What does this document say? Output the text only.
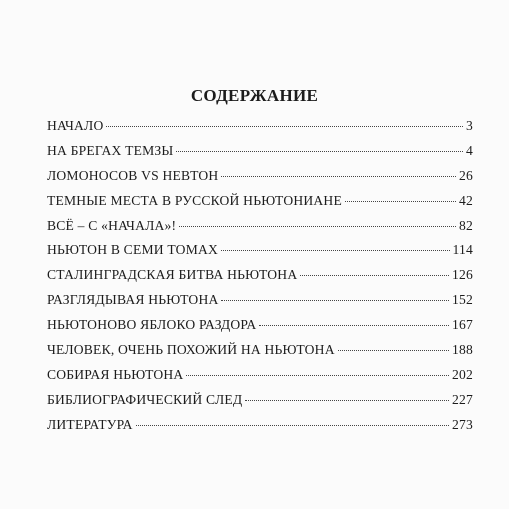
СОДЕРЖАНИЕ
НАЧАЛО	3
НА БРЕГАХ ТЕМЗЫ	4
ЛОМОНОСОВ VS НЕВТОН	26
ТЕМНЫЕ МЕСТА В РУССКОЙ НЬЮТОНИАНЕ	42
ВСЁ – С «НАЧАЛА»!	82
НЬЮТОН В СЕМИ ТОМАХ	114
СТАЛИНГРАДСКАЯ БИТВА НЬЮТОНА	126
РАЗГЛЯДЫВАЯ НЬЮТОНА	152
НЬЮТОНОВО ЯБЛОКО РАЗДОРА	167
ЧЕЛОВЕК, ОЧЕНЬ ПОХОЖИЙ НА НЬЮТОНА	188
СОБИРАЯ НЬЮТОНА	202
БИБЛИОГРАФИЧЕСКИЙ СЛЕД	227
ЛИТЕРАТУРА	273
